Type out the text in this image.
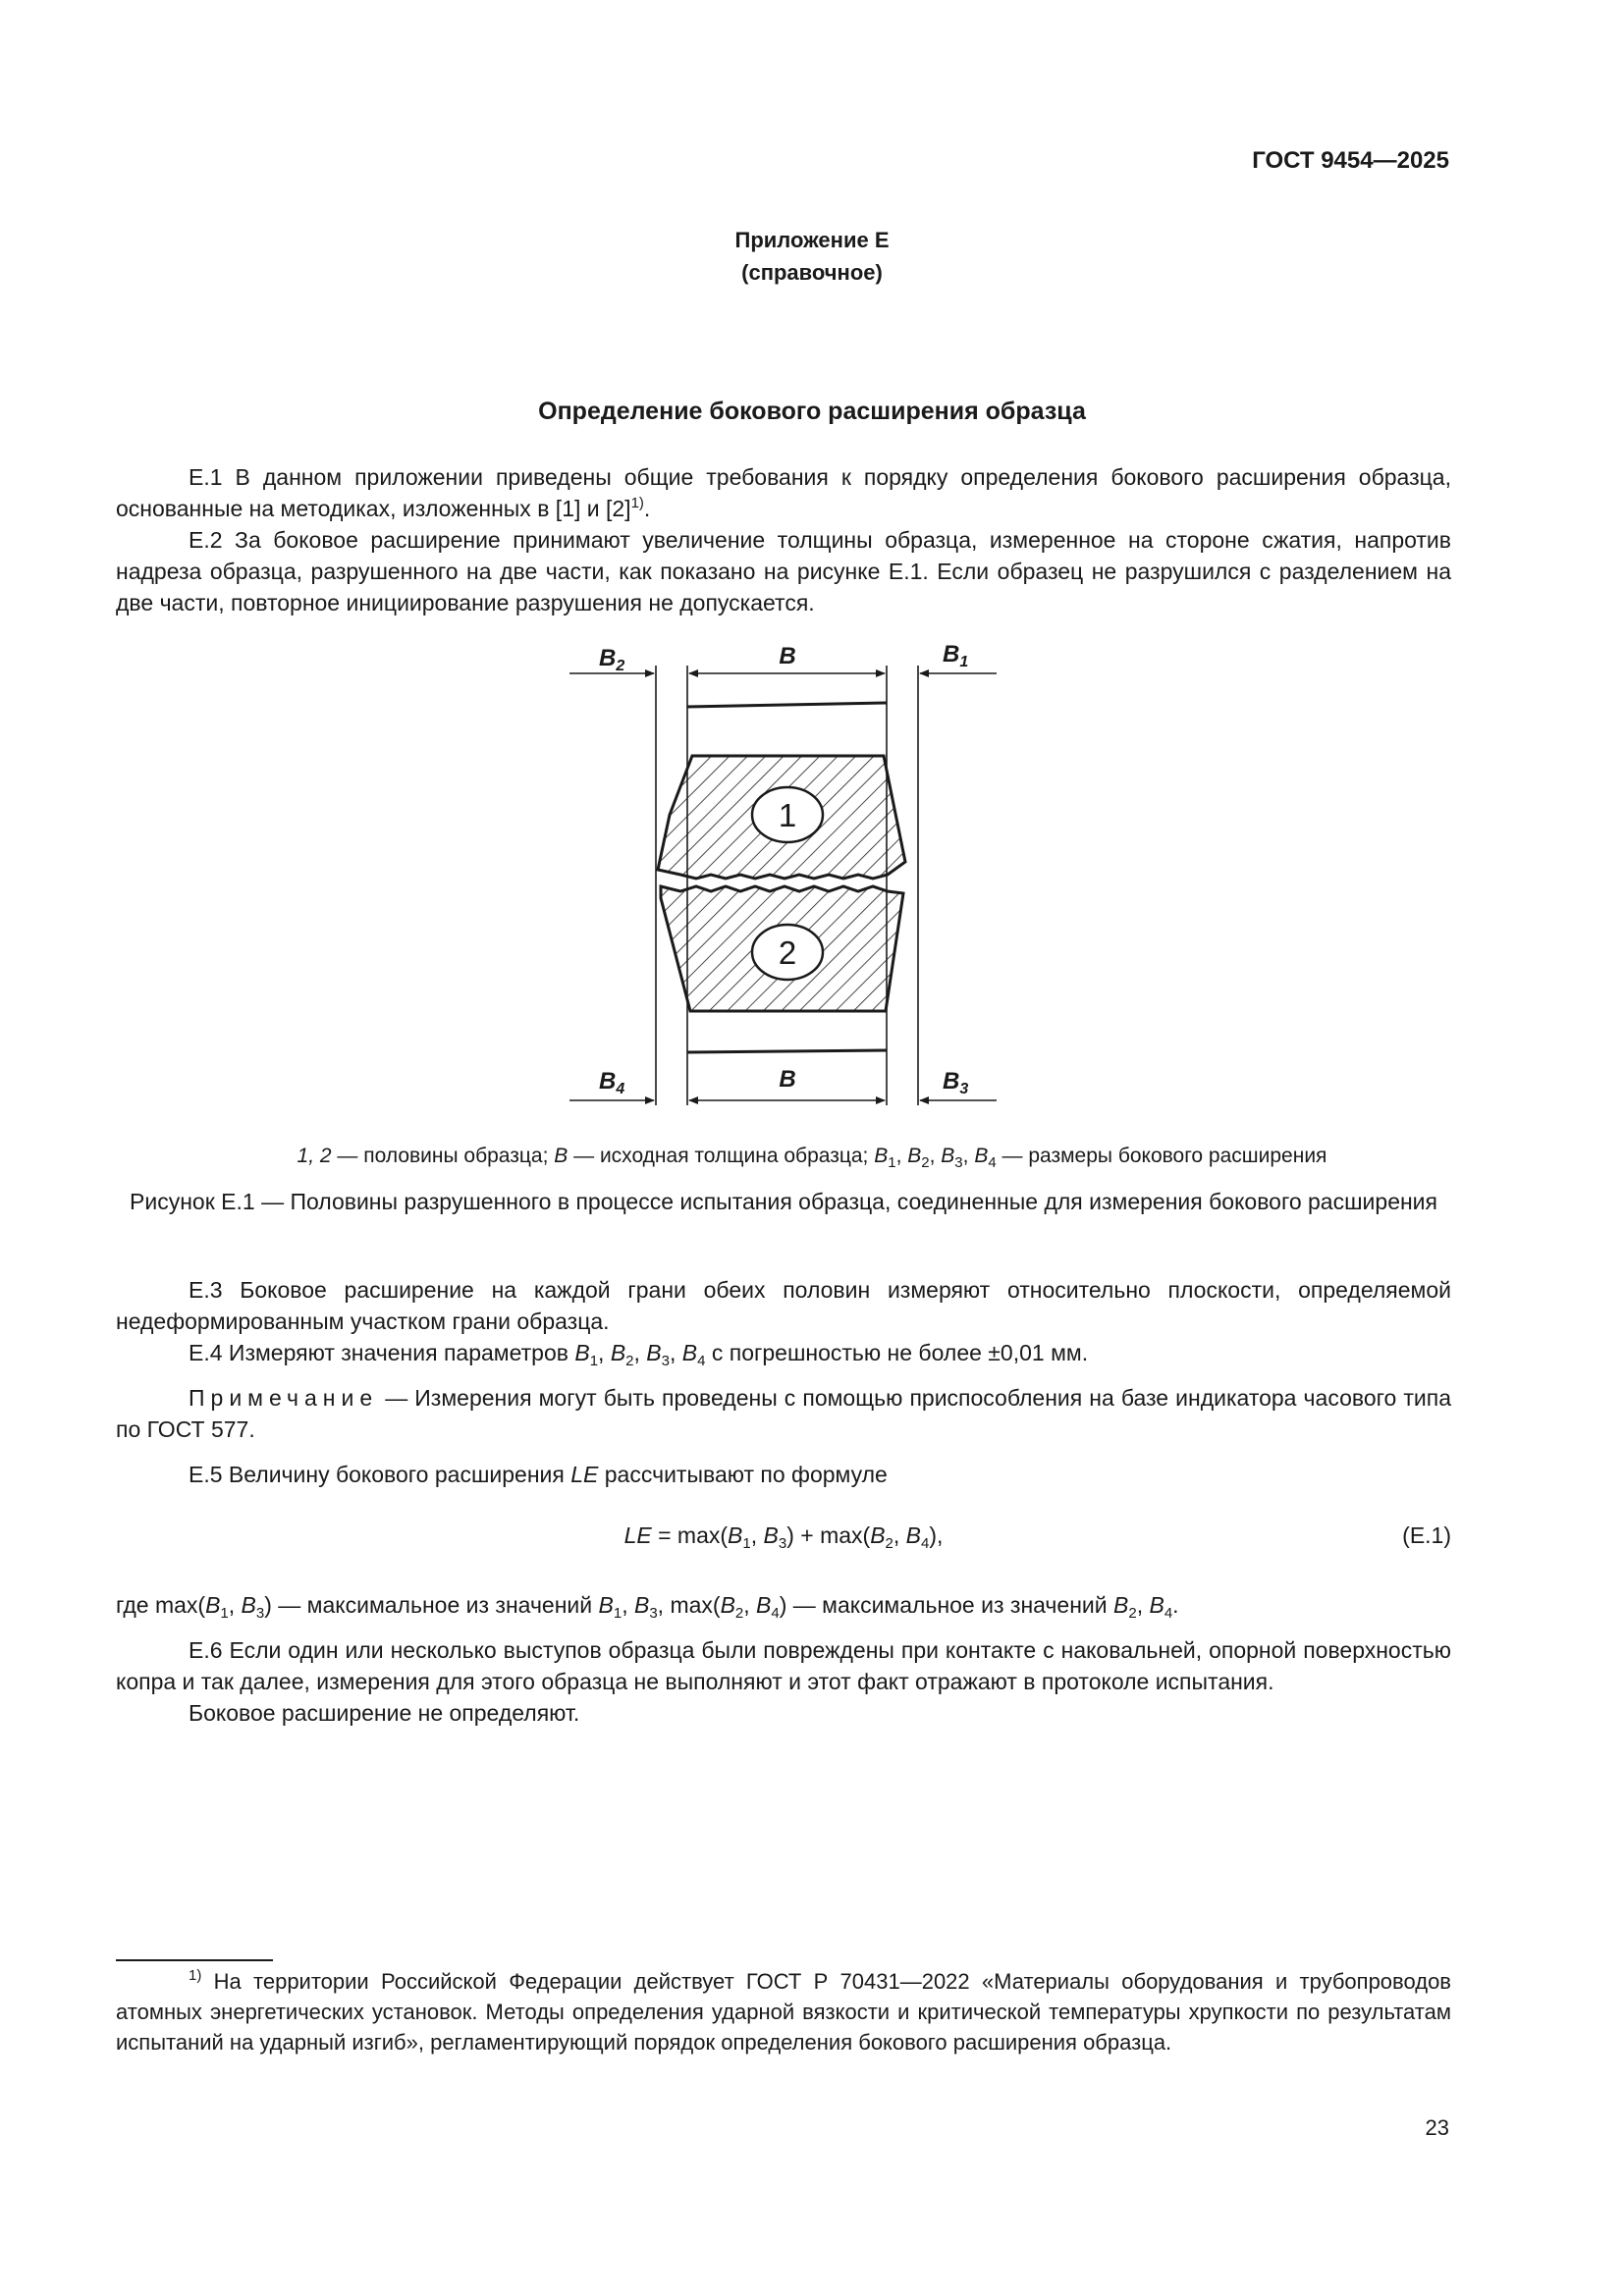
ГОСТ 9454—2025
Приложение Е
(справочное)
Определение бокового расширения образца

Е.1 В данном приложении приведены общие требования к порядку определения бокового расширения образца, основанные на методиках, изложенных в [1] и $[2]^{1)}$.

Е.2 За боковое расширение принимают увеличение толщины образца, измеренное на стороне сжатия, напротив надреза образца, разрушенного на две части, как показано на рисунке Е.1. Если образец не разрушился с разделением на две части, повторное инициирование разрушения не допускается.

1
2
$B_2$	B	$B_1$
$B_4$	B	$B_3$
1, 2 — половины образца; B — исходная толщина образца; $B_1$, $B_2$, $B_3$, $B_4$ — размеры бокового расширения
Рисунок Е.1 — Половины разрушенного в процессе испытания образца, соединенные для измерения бокового расширения

Е.3 Боковое расширение на каждой грани обеих половин измеряют относительно плоскости, определяемой недеформированным участком грани образца.

Е.4 Измеряют значения параметров $B_1$, $B_2$, $B_3$, $B_4$ с погрешностью не более ±0,01 мм.

Примечание — Измерения могут быть проведены с помощью приспособления на базе индикатора часового типа по ГОСТ 577.

Е.5 Величину бокового расширения LE рассчитывают по формуле

LE = $\max(B_1$, $B_3) + \max(B_2$, $B_4$),	(Е.1)

где $\max(B_1$, $B_3$) — максимальное из значений $B_1$, $B_3$, $\max(B_2$, $B_4$) — максимальное из значений $B_2$, $B_4$.

Е.6 Если один или несколько выступов образца были повреждены при контакте с наковальней, опорной поверхностью копра и так далее, измерения для этого образца не выполняют и этот факт отражают в протоколе испытания.

Боковое расширение не определяют.

$^{1)}$ На территории Российской Федерации действует ГОСТ Р 70431—2022 «Материалы оборудования и трубопроводов атомных энергетических установок. Методы определения ударной вязкости и критической температуры хрупкости по результатам испытаний на ударный изгиб», регламентирующий порядок определения бокового расширения образца.

23
